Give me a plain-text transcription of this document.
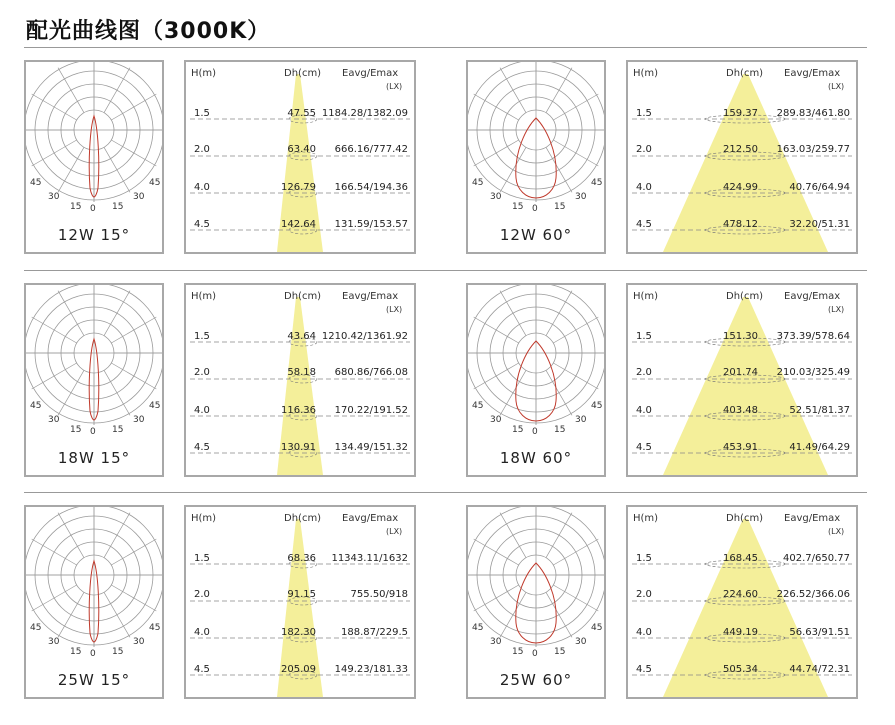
配光曲线图（3000K）
45
30
15 0 15
30
45
12W 15°
H(m)	Dh(cm) Eavg/Emax
(LX)
1.5	47.55 1184.28/1382.09
2.0	63.40 666.16/777.42
4.0	126.79 166.54/194.36
4.5	142.64 131.59/153.57
45
30
15 0 15
30
45
12W 60°
H(m)	Dh(cm) Eavg/Emax
(LX)
1.5	159.37 289.83/461.80
2.0	212.50 163.03/259.77
4.0	424.99	40.76/64.94
4.5	478.12	32.20/51.31
45
30
15 0 15
30
45
18W 15°
H(m)	Dh(cm) Eavg/Emax
(LX)
1.5	43.64 1210.42/1361.92
2.0	58.18 680.86/766.08
4.0	116.36 170.22/191.52
4.5	130.91 134.49/151.32
45
30
15 0 15
30
45
18W 60°
H(m)	Dh(cm) Eavg/Emax
(LX)
1.5	151.30 373.39/578.64
2.0	201.74 210.03/325.49
4.0	403.48	52.51/81.37
4.5	453.91	41.49/64.29
45
30
15 0 15
30
45
25W 15°
H(m)	Dh(cm) Eavg/Emax
(LX)
1.5	68.36 11343.11/1632
2.0	91.15	755.50/918
4.0	182.30	188.87/229.5
4.5	205.09 149.23/181.33
45
30
15 0 15
30
45
25W 60°
H(m)	Dh(cm) Eavg/Emax
(LX)
1.5	168.45	402.7/650.77
2.0	224.60 226.52/366.06
4.0	449.19	56.63/91.51
4.5	505.34	44.74/72.31
